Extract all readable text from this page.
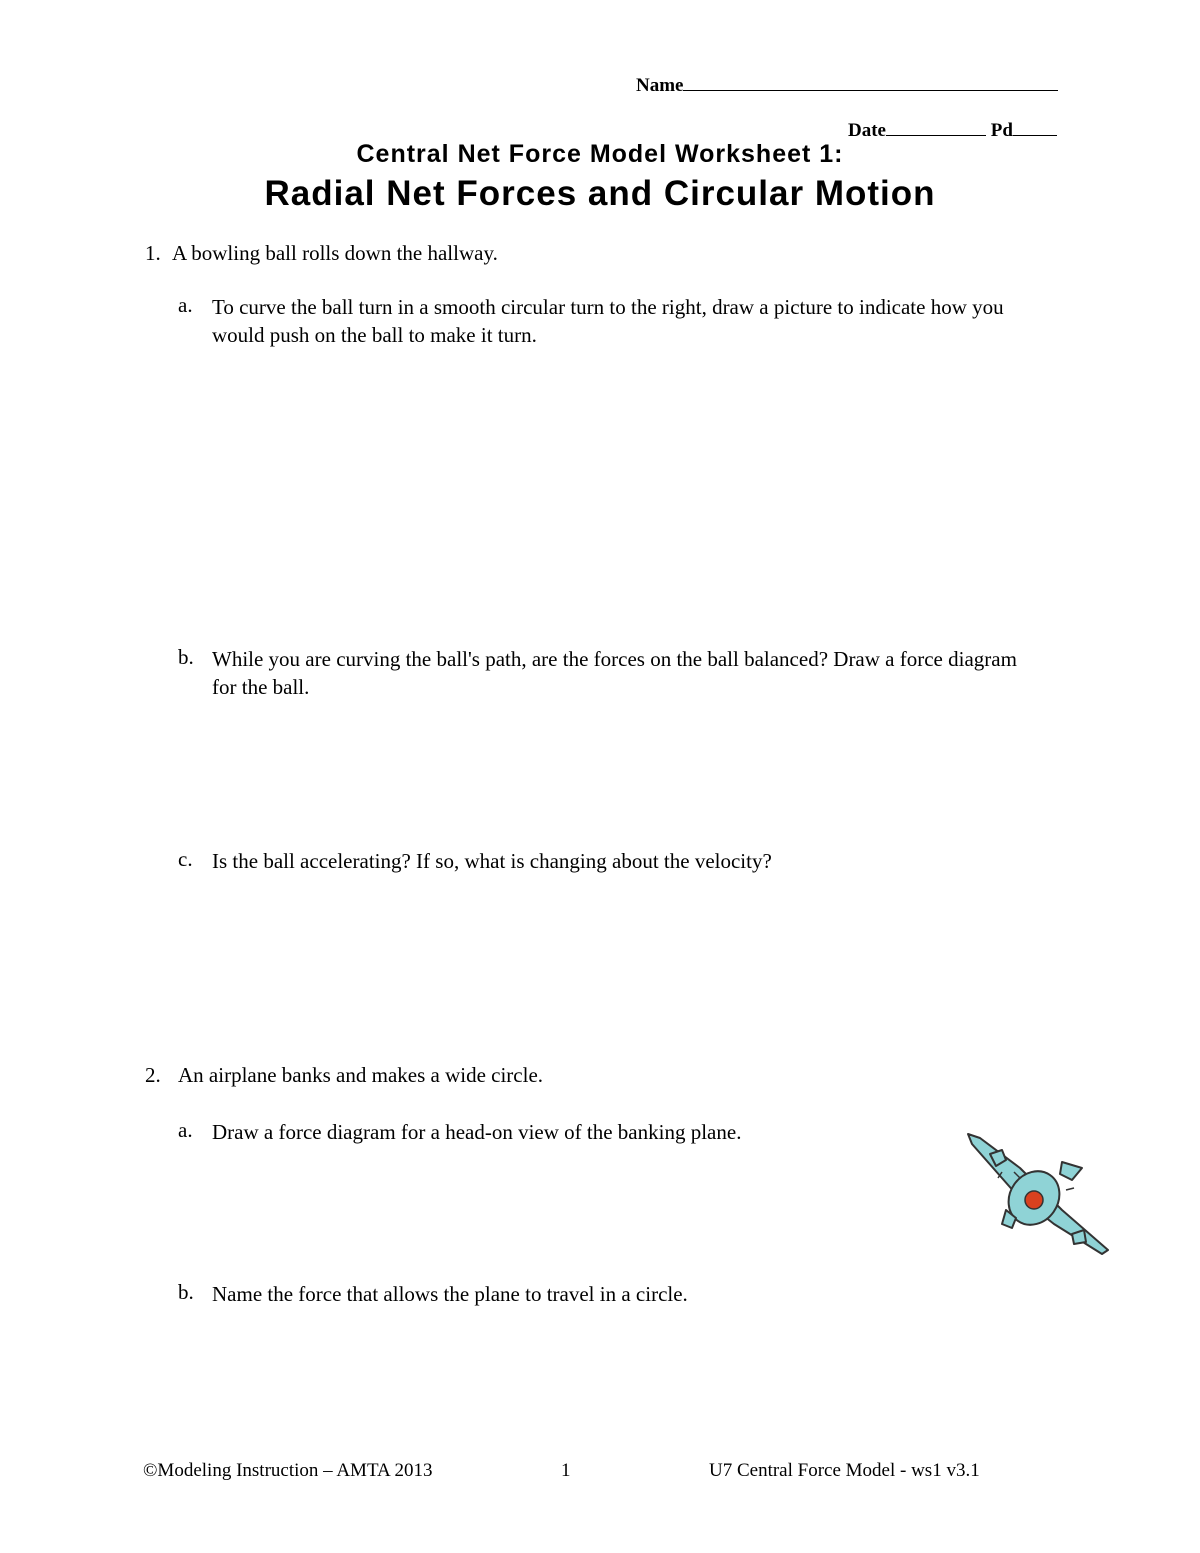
Name
Date	Pd
Central Net Force Model Worksheet 1:
Radial Net Forces and Circular Motion
1. A bowling ball rolls down the hallway.
a. To curve the ball turn in a smooth circular turn to the right, draw a picture to indicate how you would push on the ball to make it turn.
b. While you are curving the ball's path, are the forces on the ball balanced? Draw a force diagram for the ball.
c. Is the ball accelerating? If so, what is changing about the velocity?
2. An airplane banks and makes a wide circle.
a. Draw a force diagram for a head-on view of the banking plane.
b. Name the force that allows the plane to travel in a circle.
©Modeling Instruction – AMTA 2013	1	U7 Central Force Model - ws1 v3.1
